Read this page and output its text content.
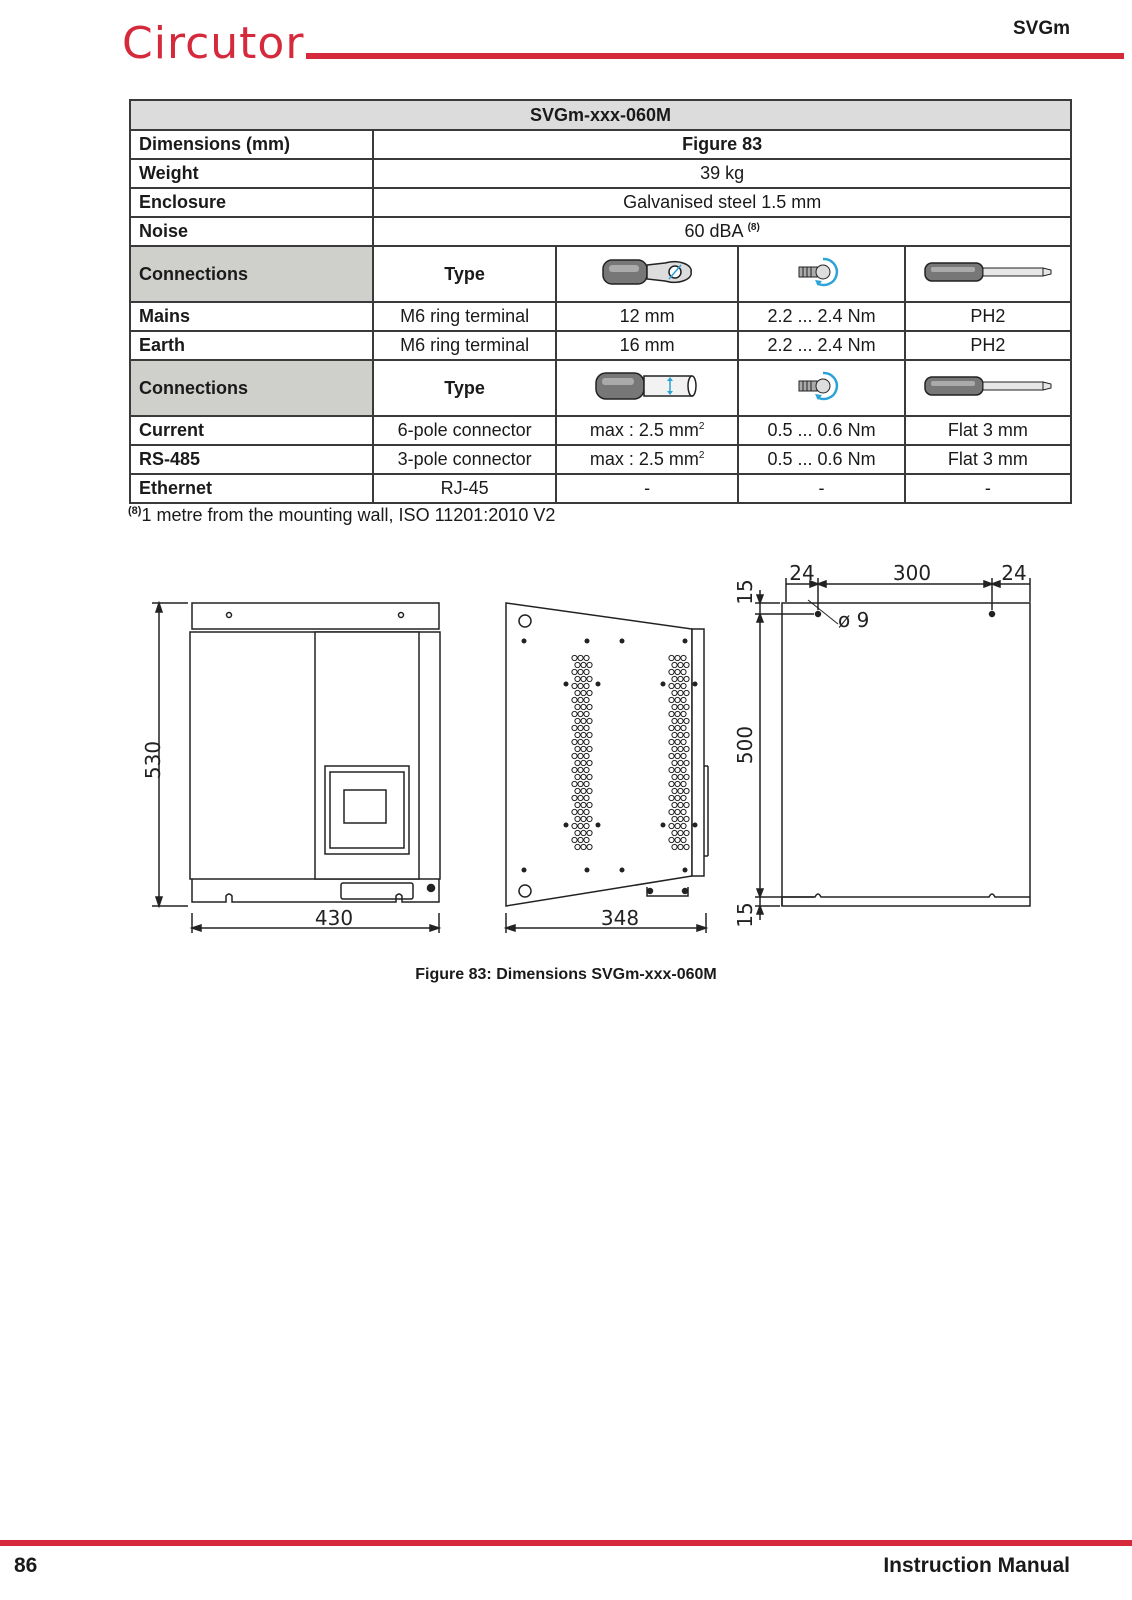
Circutor	SVGm
SVGm-xxx-060M				
Dimensions (mm)	Figure 83			
Weight	39 kg			
Enclosure	Galvanised steel 1.5 mm			
Noise	60 dBA $^{(8)}$
Connections	Type			
Mains	M6 ring terminal	12 mm	2.2 ... 2.4 Nm	PH2
Earth	M6 ring terminal	16 mm	2.2 ... 2.4 Nm	PH2
Connections	Type			
Current	6-pole connector	max : 2.5 $mm^2$	0.5 ... 0.6 Nm	Flat 3 mm
RS-485	3-pole connector	max : 2.5 $mm^2$	0.5 ... 0.6 Nm	Flat 3 mm
Ethernet	RJ-45	-	-	-
$^{(8)}$1 metre from the mounting wall, ISO 11201:2010 V2
530
430	348
15
15
500
24	300	24
ø 9
Figure 83: Dimensions SVGm-xxx-060M
86	Instruction Manual
